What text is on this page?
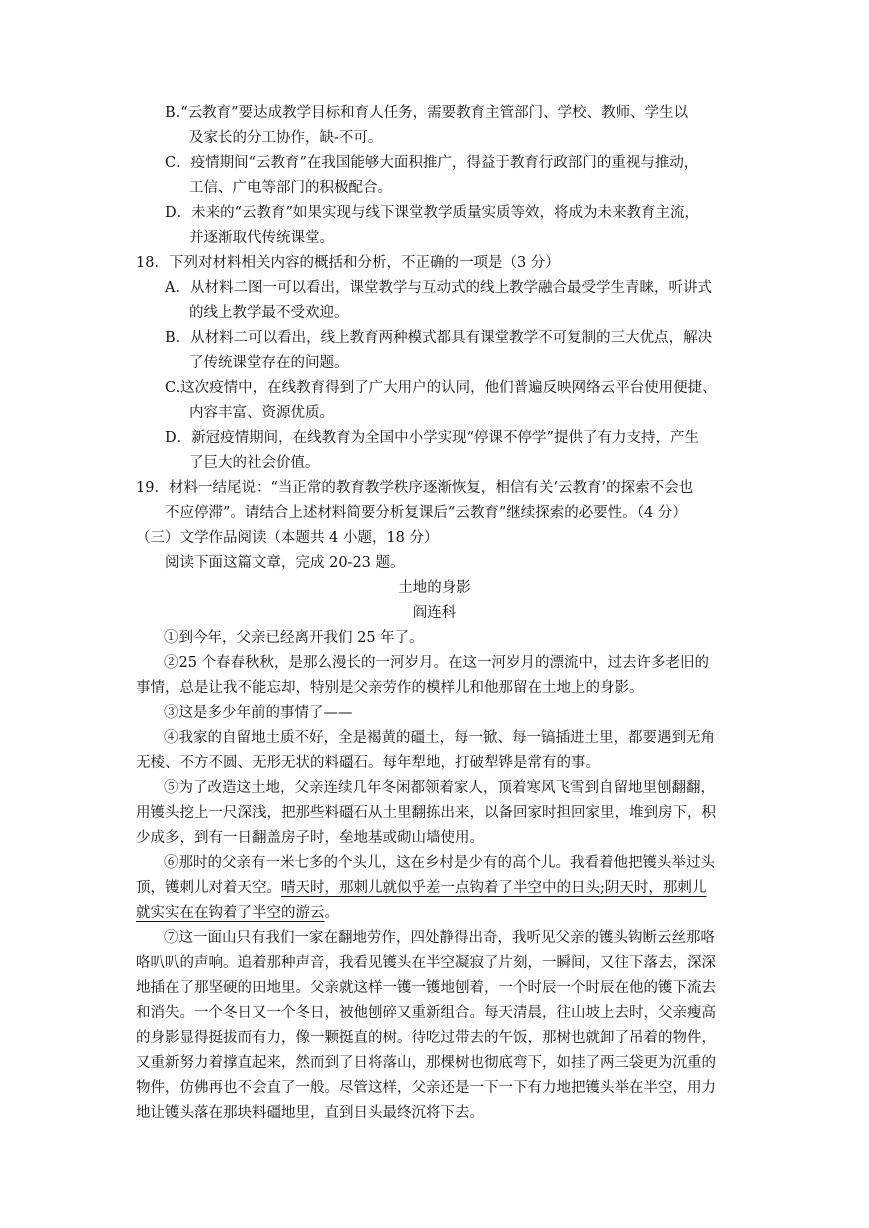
B.“云教育”要达成教学目标和育人任务，需要教育主管部门、学校、教师、学生以
及家长的分工协作，缺-不可。
C．疫情期间“云教育”在我国能够大面积推广，得益于教育行政部门的重视与推动，
工信、广电等部门的积极配合。
D．未来的“云教育”如果实现与线下课堂教学质量实质等效，将成为未来教育主流，
并逐渐取代传统课堂。
18．下列对材料相关内容的概括和分析，不正确的一项是（3 分）
A．从材料二图一可以看出，课堂教学与互动式的线上教学融合最受学生青睐，听讲式
的线上教学最不受欢迎。
B．从材料二可以看出，线上教育两种模式都具有课堂教学不可复制的三大优点，解决
了传统课堂存在的问题。
C.这次疫情中，在线教育得到了广大用户的认同，他们普遍反映网络云平台使用便捷、
内容丰富、资源优质。
D．新冠疫情期间，在线教育为全国中小学实现“停课不停学”提供了有力支持，产生
了巨大的社会价值。
19．材料一结尾说：“当正常的教育教学秩序逐渐恢复，相信有关‘云教育’的探索不会也
不应停滞”。请结合上述材料简要分析复课后“云教育”继续探索的必要性。（4 分）
（三）文学作品阅读（本题共 4 小题，18 分）
阅读下面这篇文章，完成 20-23 题。
土地的身影
阎连科
①到今年，父亲已经离开我们 25 年了。
②25 个春春秋秋，是那么漫长的一河岁月。在这一河岁月的漂流中，过去许多老旧的
事情，总是让我不能忘却，特别是父亲劳作的模样儿和他那留在土地上的身影。
③这是多少年前的事情了——
④我家的自留地土质不好，全是褐黄的礓土，每一锨、每一镐插进土里，都要遇到无角
无棱、不方不圆、无形无状的料礓石。每年犁地，打破犁铧是常有的事。
⑤为了改造这土地，父亲连续几年冬闲都领着家人，顶着寒风飞雪到自留地里刨翻翻，
用镬头挖上一尺深浅，把那些料礓石从土里翻拣出来，以备回家时担回家里，堆到房下，积
少成多，到有一日翻盖房子时，垒地基或砌山墙使用。
⑥那时的父亲有一米七多的个头儿，这在乡村是少有的高个儿。我看着他把镬头举过头
顶，镬刺儿对着天空。晴天时，那刺儿就似乎差一点钩着了半空中的日头;阴天时，那刺儿
就实实在在钩着了半空的游云。
⑦这一面山只有我们一家在翻地劳作，四处静得出奇，我听见父亲的镬头钩断云丝那咯
咯叭叭的声响。追着那种声音，我看见镬头在半空凝寂了片刻，一瞬间，又往下落去，深深
地插在了那坚硬的田地里。父亲就这样一镬一镬地刨着，一个时辰一个时辰在他的镬下流去
和消失。一个冬日又一个冬日，被他刨碎又重新组合。每天清晨，往山坡上去时，父亲瘦高
的身影显得挺拔而有力，像一颗挺直的树。待吃过带去的午饭，那树也就卸了吊着的物件，
又重新努力着撑直起来，然而到了日将落山，那棵树也彻底弯下，如挂了两三袋更为沉重的
物件，仿佛再也不会直了一般。尽管这样，父亲还是一下一下有力地把镬头举在半空，用力
地让镬头落在那块料礓地里，直到日头最终沉将下去。
